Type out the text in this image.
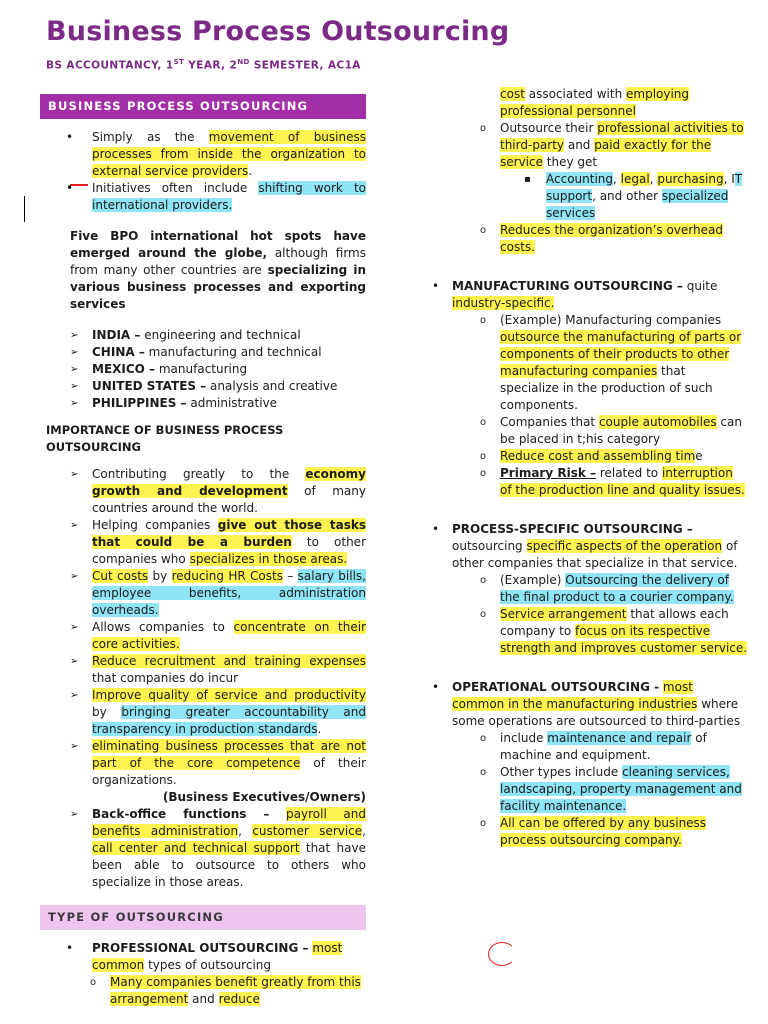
Business Process Outsourcing
BS ACCOUNTANCY, 1ST YEAR, 2ND SEMESTER, AC1A
BUSINESS PROCESS OUTSOURCING
• Simply as the movement of business processes from inside the organization to external service providers.
• Initiatives often include shifting work to international providers.
Five BPO international hot spots have emerged around the globe, although firms from many other countries are specializing in various business processes and exporting services
➢ INDIA – engineering and technical
➢ CHINA – manufacturing and technical
➢ MEXICO – manufacturing
➢ UNITED STATES – analysis and creative
➢ PHILIPPINES – administrative
IMPORTANCE OF BUSINESS PROCESS OUTSOURCING
➢ Contributing greatly to the economy growth and development of many countries around the world.
➢ Helping companies give out those tasks that could be a burden to other companies who specializes in those areas.
➢ Cut costs by reducing HR Costs – salary bills, employee benefits, administration overheads.
➢ Allows companies to concentrate on their core activities.
➢ Reduce recruitment and training expenses that companies do incur
➢ Improve quality of service and productivity by bringing greater accountability and transparency in production standards.
➢ eliminating business processes that are not part of the core competence of their organizations.
(Business Executives/Owners)
➢ Back-office functions – payroll and benefits administration, customer service, call center and technical support that have been able to outsource to others who specialize in those areas.
TYPE OF OUTSOURCING
• PROFESSIONAL OUTSOURCING – most common types of outsourcing
o Many companies benefit greatly from this arrangement and reduce
cost associated with employing professional personnel
o Outsource their professional activities to third-party and paid exactly for the service they get
▪ Accounting, legal, purchasing, IT support, and other specialized services
o Reduces the organization’s overhead costs.
• MANUFACTURING OUTSOURCING – quite industry-specific.
o (Example) Manufacturing companies outsource the manufacturing of parts or components of their products to other manufacturing companies that specialize in the production of such components.
o Companies that couple automobiles can be placed in t;his category
o Reduce cost and assembling time
o Primary Risk – related to interruption of the production line and quality issues.
• PROCESS-SPECIFIC OUTSOURCING – outsourcing specific aspects of the operation of other companies that specialize in that service.
o (Example) Outsourcing the delivery of the final product to a courier company.
o Service arrangement that allows each company to focus on its respective strength and improves customer service.
• OPERATIONAL OUTSOURCING - most common in the manufacturing industries where some operations are outsourced to third-parties
o include maintenance and repair of machine and equipment.
o Other types include cleaning services, landscaping, property management and facility maintenance.
o All can be offered by any business process outsourcing company.
